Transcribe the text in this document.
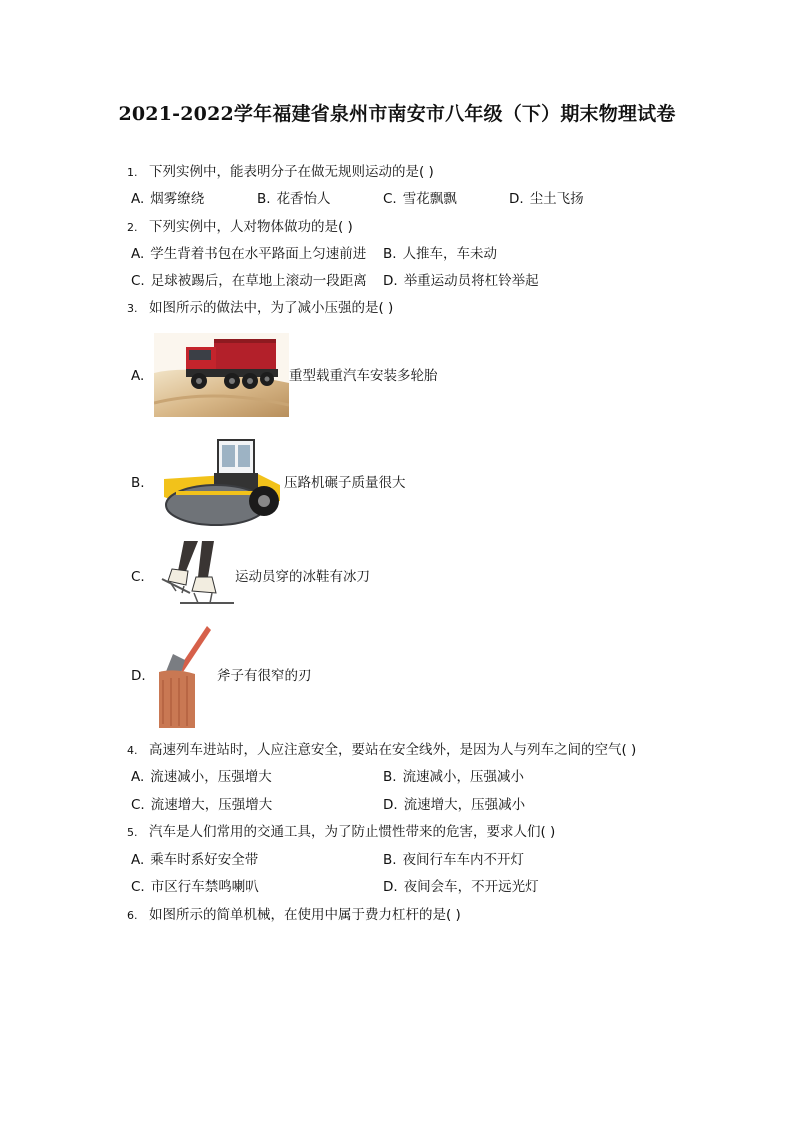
2021-2022学年福建省泉州市南安市八年级（下）期末物理试卷
1. 下列实例中，能表明分子在做无规则运动的是( )
A. 烟雾缭绕	B. 花香怡人	C. 雪花飘飘	D. 尘土飞扬
2. 下列实例中，人对物体做功的是( )
A. 学生背着书包在水平路面上匀速前进 B. 人推车，车未动
C. 足球被踢后，在草地上滚动一段距离 D. 举重运动员将杠铃举起
3. 如图所示的做法中，为了减小压强的是( )
A.	重型载重汽车安装多轮胎
B.	压路机碾子质量很大
C.	运动员穿的冰鞋有冰刀
D.	斧子有很窄的刃
4. 高速列车进站时，人应注意安全，要站在安全线外，是因为人与列车之间的空气( )
A. 流速减小，压强增大	B. 流速减小，压强减小
C. 流速增大，压强增大	D. 流速增大，压强减小
5. 汽车是人们常用的交通工具，为了防止惯性带来的危害，要求人们( )
A. 乘车时系好安全带	B. 夜间行车车内不开灯
C. 市区行车禁鸣喇叭	D. 夜间会车，不开远光灯
6. 如图所示的简单机械，在使用中属于费力杠杆的是( )
